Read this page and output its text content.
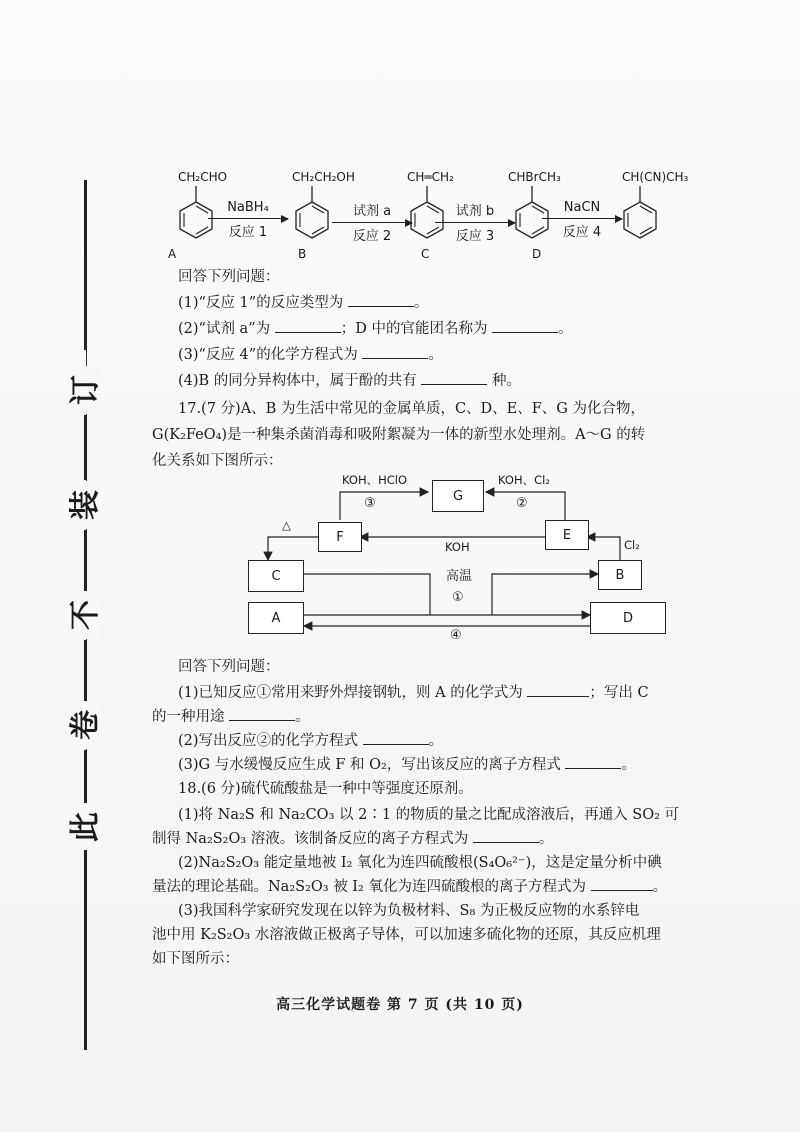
订
装
不
卷
此
CH₂CHO
A
NaBH₄
反应 1
CH₂CH₂OH
B
试剂 a
反应 2
CH═CH₂
C
试剂 b
反应 3
CHBrCH₃
D
NaCN
反应 4
CH(CN)CH₃
回答下列问题：
(1)“反应 1”的反应类型为	。
(2)“试剂 a”为	；D 中的官能团名称为	。
(3)“反应 4”的化学方程式为	。
(4)B 的同分异构体中，属于酚的共有	种。
17.(7 分)A、B 为生活中常见的金属单质，C、D、E、F、G 为化合物，
G(K₂FeO₄)是一种集杀菌消毒和吸附絮凝为一体的新型水处理剂。A～G 的转
化关系如下图所示：
G
F	E
C	B
A	D
KOH、HClO	KOH、Cl₂
③	②
KOH
△
Cl₂
高温
①
④
回答下列问题：
(1)已知反应①常用来野外焊接钢轨，则 A 的化学式为	；写出 C
的一种用途	。
(2)写出反应②的化学方程式	。
(3)G 与水缓慢反应生成 F 和 O₂，写出该反应的离子方程式	。
18.(6 分)硫代硫酸盐是一种中等强度还原剂。
(1)将 Na₂S 和 Na₂CO₃ 以 2∶1 的物质的量之比配成溶液后，再通入 SO₂ 可
制得 Na₂S₂O₃ 溶液。该制备反应的离子方程式为	。
(2)Na₂S₂O₃ 能定量地被 I₂ 氧化为连四硫酸根(S₄O₆²⁻)，这是定量分析中碘
量法的理论基础。Na₂S₂O₃ 被 I₂ 氧化为连四硫酸根的离子方程式为	。
(3)我国科学家研究发现在以锌为负极材料、S₈ 为正极反应物的水系锌电
池中用 K₂S₂O₃ 水溶液做正极离子导体，可以加速多硫化物的还原，其反应机理
如下图所示：
高三化学试题卷 第 7 页 (共 10 页)
